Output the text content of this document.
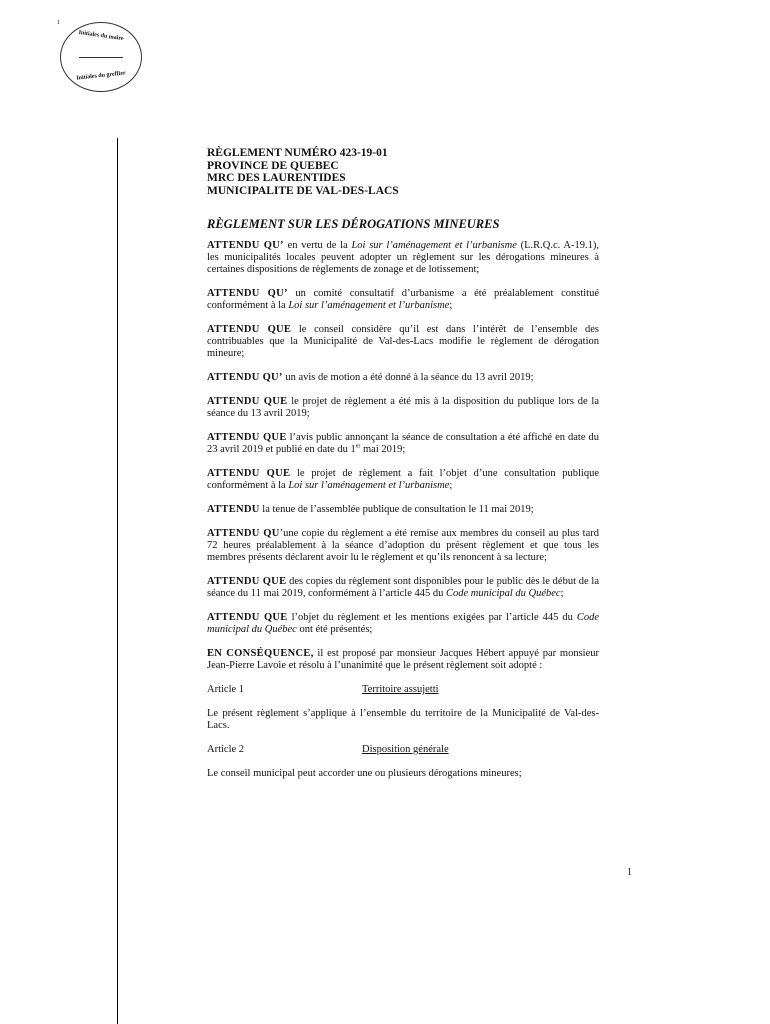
1
Initiales du maire
Initiales du greffier
RÈGLEMENT NUMÉRO 423-19-01
PROVINCE DE QUEBEC
MRC DES LAURENTIDES
MUNICIPALITE DE VAL-DES-LACS
RÈGLEMENT SUR LES DÉROGATIONS MINEURES

ATTENDU QU’ en vertu de la Loi sur l’aménagement et l’urbanisme (L.R.Q.c. A-19.1), les municipalités locales peuvent adopter un règlement sur les dérogations mineures à certaines dispositions de règlements de zonage et de lotissement;

ATTENDU QU’ un comité consultatif d’urbanisme a été préalablement constitué conformément à la Loi sur l’aménagement et l’urbanisme;

ATTENDU QUE le conseil considère qu’il est dans l’intérêt de l’ensemble des contribuables que la Municipalité de Val-des-Lacs modifie le règlement de dérogation mineure;

ATTENDU QU’ un avis de motion a été donné à la séance du 13 avril 2019;

ATTENDU QUE le projet de règlement a été mis à la disposition du publique lors de la séance du 13 avril 2019;

ATTENDU QUE l’avis public annonçant la séance de consultation a été affiché en date du 23 avril 2019 et publié en date du 1er mai 2019;

ATTENDU QUE le projet de règlement a fait l’objet d’une consultation publique conformément à la Loi sur l’aménagement et l’urbanisme;

ATTENDU la tenue de l’assemblée publique de consultation le 11 mai 2019;

ATTENDU QU’une copie du règlement a été remise aux membres du conseil au plus tard 72 heures préalablement à la séance d’adoption du présent règlement et que tous les membres présents déclarent avoir lu le règlement et qu’ils renoncent à sa lecture;

ATTENDU QUE des copies du règlement sont disponibles pour le public dès le début de la séance du 11 mai 2019, conformément à l’article 445 du Code municipal du Québec;

ATTENDU QUE l’objet du règlement et les mentions exigées par l’article 445 du Code municipal du Québec ont été présentés;

EN CONSÉQUENCE, il est proposé par monsieur Jacques Hébert appuyé par monsieur Jean-Pierre Lavoie et résolu à l’unanimité que le présent règlement soit adopté :

Article 1	Territoire assujetti

Le présent règlement s’applique à l’ensemble du territoire de la Municipalité de Val-des-Lacs.

Article 2	Disposition générale

Le conseil municipal peut accorder une ou plusieurs dérogations mineures;

1
